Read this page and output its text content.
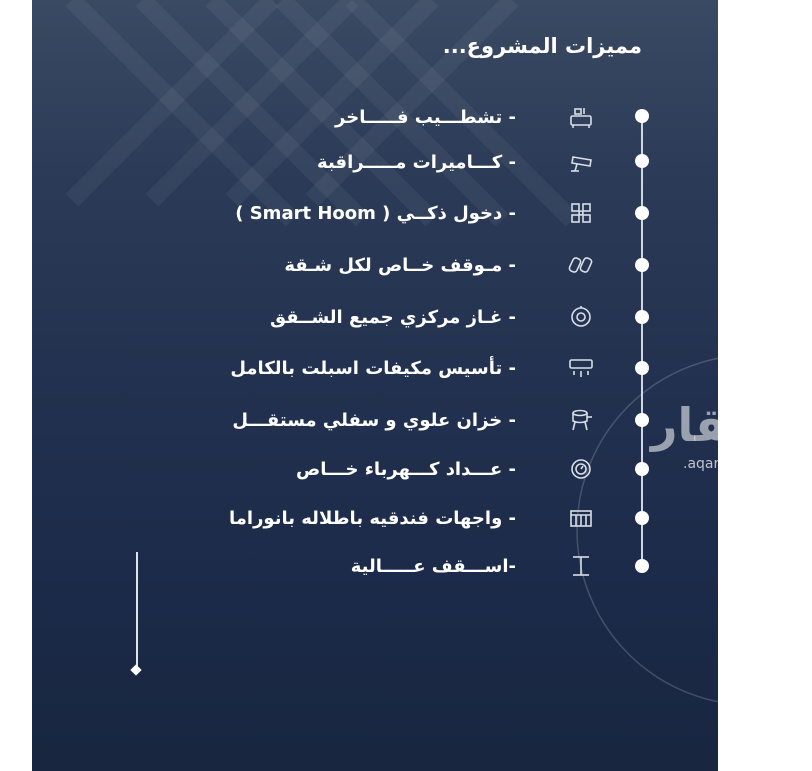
مميزات المشروع...
- تشطـــيب فـــــاخر
- كـــاميرات مـــــراقبة
- دخول ذكــي ( Smart Hoom )
- مـوقف خــاص لكل شـقة
- غـاز مركزي جميع الشــقق
- تأسيس مكيفات اسبلت بالكامل
- خزان علوي و سفلي مستقـــل
- عـــداد كـــهرباء خـــاص
- واجهات فندقيه باطلاله بانوراما
-اســـقف عـــــالية
عقار
.aqar.fm
